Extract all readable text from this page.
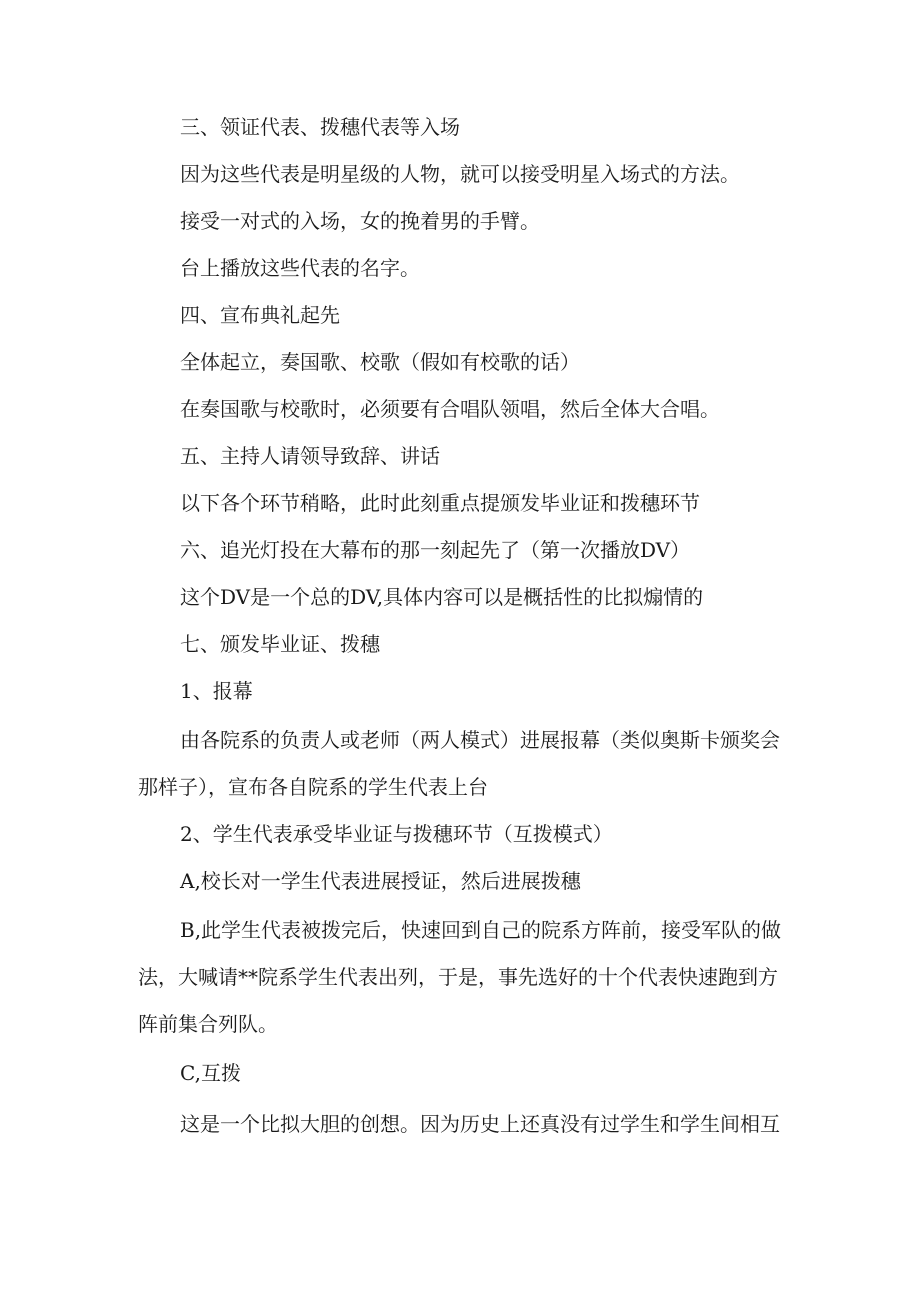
三、领证代表、拨穗代表等入场

因为这些代表是明星级的人物，就可以接受明星入场式的方法。

接受一对式的入场，女的挽着男的手臂。

台上播放这些代表的名字。

四、宣布典礼起先

全体起立，奏国歌、校歌（假如有校歌的话）

在奏国歌与校歌时，必须要有合唱队领唱，然后全体大合唱。

五、主持人请领导致辞、讲话

以下各个环节稍略，此时此刻重点提颁发毕业证和拨穗环节

六、追光灯投在大幕布的那一刻起先了（第一次播放DV）

这个DV是一个总的DV,具体内容可以是概括性的比拟煽情的

七、颁发毕业证、拨穗

1、报幕

由各院系的负责人或老师（两人模式）进展报幕（类似奥斯卡颁奖会那样子），宣布各自院系的学生代表上台

2、学生代表承受毕业证与拨穗环节（互拨模式）

A,校长对一学生代表进展授证，然后进展拨穗

B,此学生代表被拨完后，快速回到自己的院系方阵前，接受军队的做法，大喊请**院系学生代表出列，于是，事先选好的十个代表快速跑到方阵前集合列队。

C,互拨

这是一个比拟大胆的创想。因为历史上还真没有过学生和学生间相互
